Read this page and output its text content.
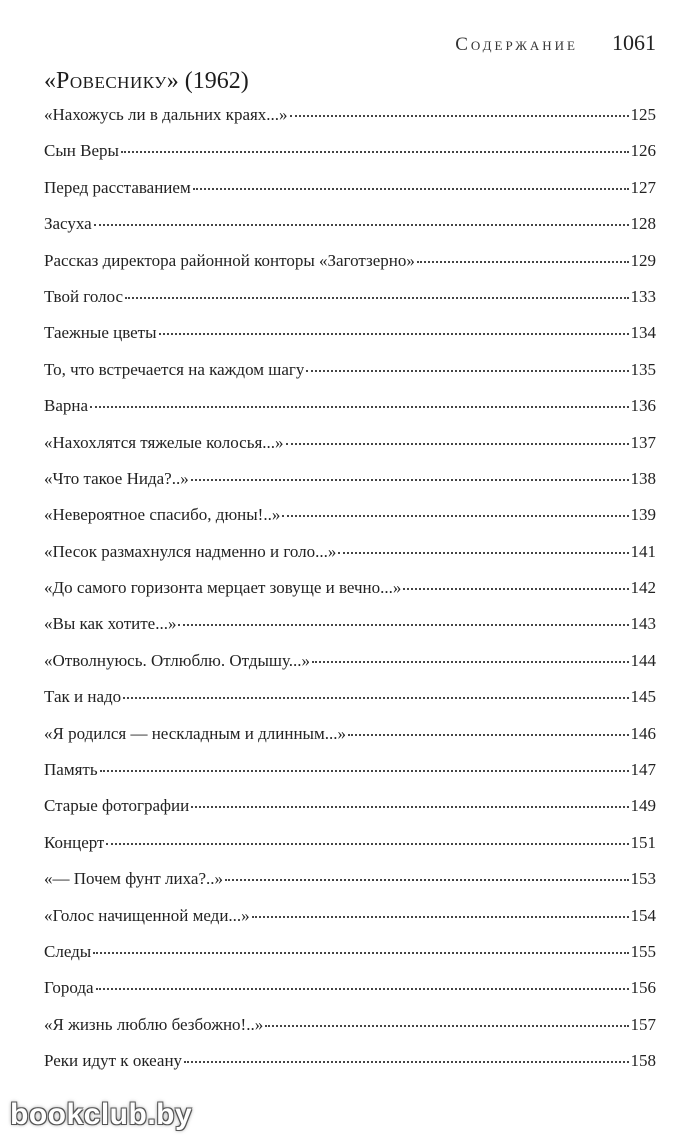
Содержание 1061
«Ровеснику» (1962)
«Нахожусь ли в дальних краях...»	125
Сын Веры	126
Перед расставанием	127
Засуха	128
Рассказ директора районной конторы «Заготзерно»	129
Твой голос	133
Таежные цветы	134
То, что встречается на каждом шагу	135
Варна	136
«Нахохлятся тяжелые колосья...»	137
«Что такое Нида?..»	138
«Невероятное спасибо, дюны!..»	139
«Песок размахнулся надменно и голо...»	141
«До самого горизонта мерцает зовуще и вечно...»	142
«Вы как хотите...»	143
«Отволнуюсь. Отлюблю. Отдышу...»	144
Так и надо	145
«Я родился — нескладным и длинным...»	146
Память	147
Старые фотографии	149
Концерт	151
«— Почем фунт лиха?..»	153
«Голос начищенной меди...»	154
Следы	155
Города	156
«Я жизнь люблю безбожно!..»	157
Реки идут к океану	158
bookclub.by
